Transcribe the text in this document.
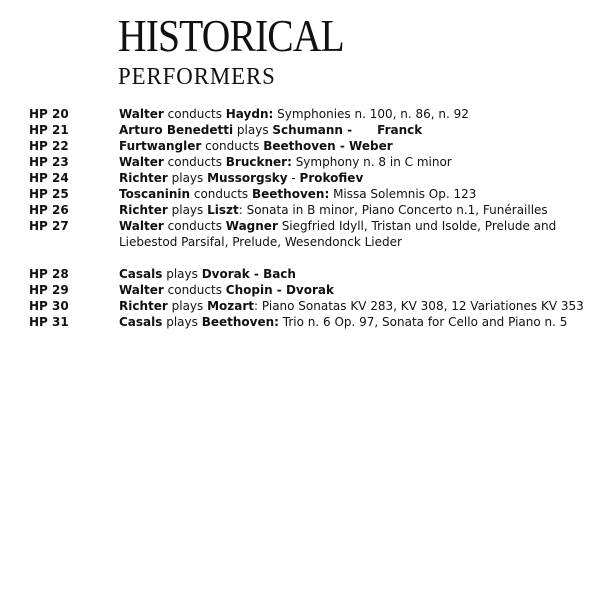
HISTORICAL
PERFORMERS
HP 20	Walter conducts Haydn: Symphonies n. 100, n. 86, n. 92
HP 21	Arturo Benedetti plays Schumann -      Franck
HP 22	Furtwangler conducts Beethoven - Weber
HP 23	Walter conducts Bruckner: Symphony n. 8 in C minor
HP 24	Richter plays Mussorgsky - Prokofiev
HP 25	Toscaninin conducts Beethoven: Missa Solemnis Op. 123
HP 26	Richter plays Liszt: Sonata in B minor, Piano Concerto n.1, Funérailles
HP 27	Walter conducts Wagner Siegfried Idyll, Tristan und Isolde, Prelude and Liebestod Parsifal, Prelude, Wesendonck Lieder
HP 28	Casals plays Dvorak - Bach
HP 29	Walter conducts Chopin - Dvorak
HP 30	Richter plays Mozart: Piano Sonatas KV 283, KV 308, 12 Variationes KV 353
HP 31	Casals plays Beethoven: Trio n. 6 Op. 97, Sonata for Cello and Piano n. 5
